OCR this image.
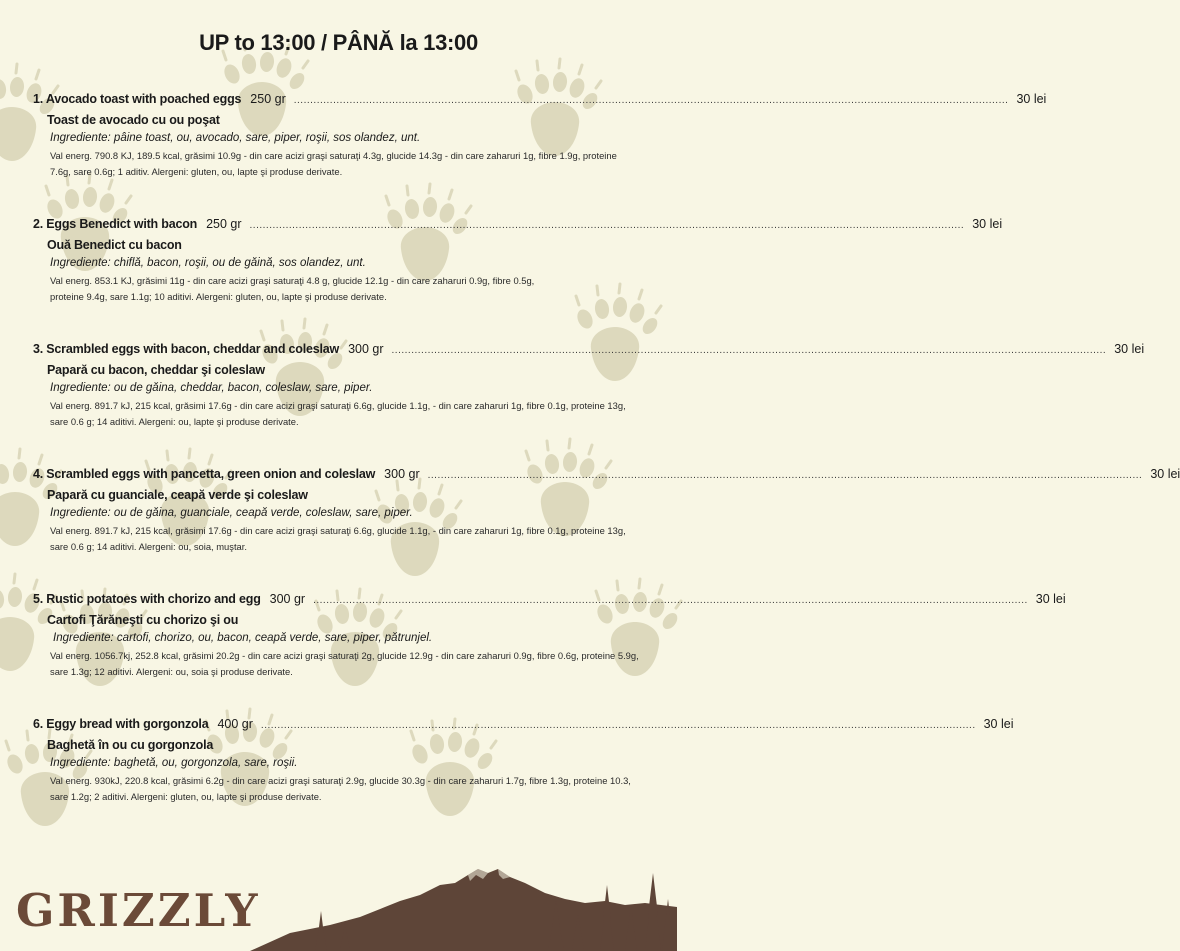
UP to 13:00 / PÂNĂ la 13:00
1. Avocado toast with poached eggs 250 gr .......................................................................................................................................................................................................................... 30 lei
Toast de avocado cu ou poşat
Ingrediente: pâine toast, ou, avocado, sare, piper, roşii, sos olandez, unt.
Val energ. 790.8 KJ, 189.5 kcal, grăsimi 10.9g - din care acizi graşi saturaţi 4.3g, glucide 14.3g - din care zaharuri 1g, fibre 1.9g, proteine 7.6g, sare 0.6g; 1 aditiv. Alergeni: gluten, ou, lapte şi produse derivate.
2. Eggs Benedict with bacon 250 gr .......................................................................................................................................................................................................................... 30 lei
Ouă Benedict cu bacon
Ingrediente: chiflă, bacon, roşii, ou de găină, sos olandez, unt.
Val energ. 853.1 KJ, grăsimi 11g - din care acizi graşi saturaţi 4.8 g, glucide 12.1g - din care zaharuri 0.9g, fibre 0.5g, proteine 9.4g, sare 1.1g; 10 aditivi. Alergeni: gluten, ou, lapte şi produse derivate.
3. Scrambled eggs with bacon, cheddar and coleslaw 300 gr .......................................................................................................................................................................................................................... 30 lei
Papară cu bacon, cheddar şi coleslaw
Ingrediente: ou de găina, cheddar, bacon, coleslaw, sare, piper.
Val energ. 891.7 kJ, 215 kcal, grăsimi 17.6g - din care acizi graşi saturaţi 6.6g, glucide 1.1g, - din care zaharuri 1g, fibre 0.1g, proteine 13g, sare 0.6 g; 14 aditivi. Alergeni: ou, lapte şi produse derivate.
4. Scrambled eggs with pancetta, green onion and coleslaw 300 gr .......................................................................................................................................................................................................................... 30 lei
Papară cu guanciale, ceapă verde şi coleslaw
Ingrediente: ou de găina, guanciale, ceapă verde, coleslaw, sare, piper.
Val energ. 891.7 kJ, 215 kcal, grăsimi 17.6g - din care acizi graşi saturaţi 6.6g, glucide 1.1g, - din care zaharuri 1g, fibre 0.1g, proteine 13g, sare 0.6 g; 14 aditivi. Alergeni: ou, soia, muştar.
5. Rustic potatoes with chorizo and egg 300 gr .......................................................................................................................................................................................................................... 30 lei
Cartofi Ţărăneşti cu chorizo şi ou
Ingrediente: cartofi, chorizo, ou, bacon, ceapă verde, sare, piper, pătrunjel.
Val energ. 1056.7kj, 252.8 kcal, grăsimi 20.2g - din care acizi graşi saturaţi 2g, glucide 12.9g - din care zaharuri 0.9g, fibre 0.6g, proteine 5.9g, sare 1.3g; 12 aditivi. Alergeni: ou, soia şi produse derivate.
6. Eggy bread with gorgonzola 400 gr .......................................................................................................................................................................................................................... 30 lei
Baghetă în ou cu gorgonzola
Ingrediente: baghetă, ou, gorgonzola, sare, roşii.
Val energ. 930kJ, 220.8 kcal, grăsimi 6.2g - din care acizi graşi saturaţi 2.9g, glucide 30.3g - din care zaharuri 1.7g, fibre 1.3g, proteine 10.3, sare 1.2g; 2 aditivi. Alergeni: gluten, ou, lapte şi produse derivate.
GRIZZLY
